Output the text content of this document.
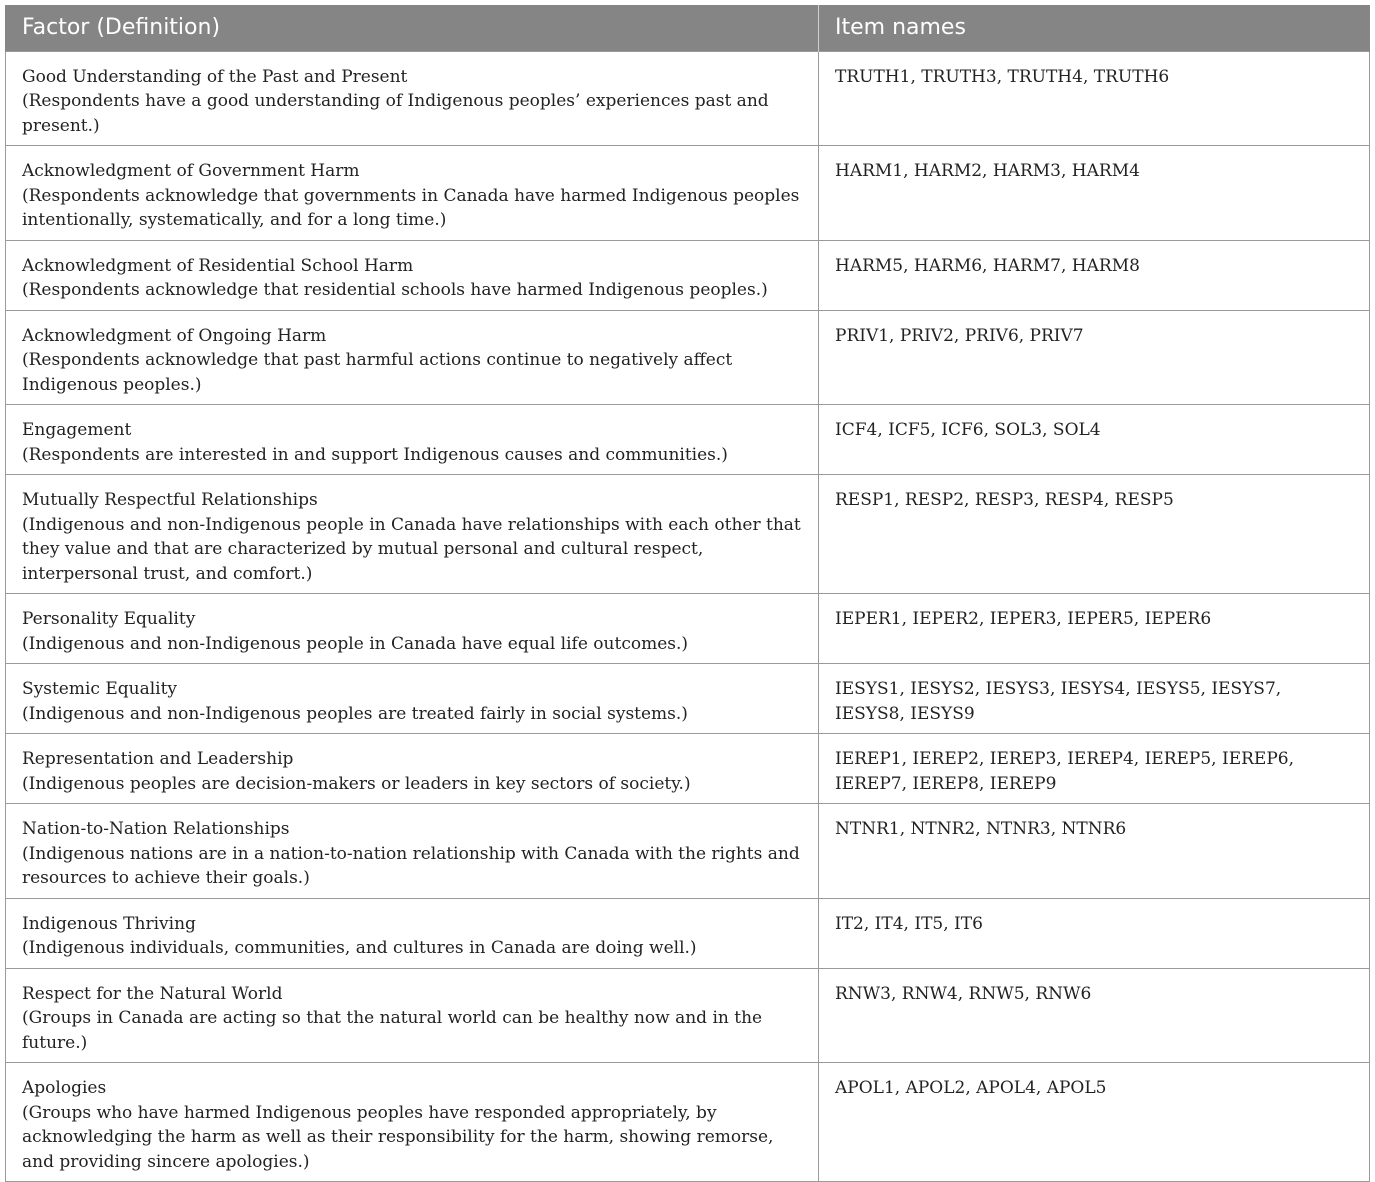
Factor (Definition)	Item names

Good Understanding of the Past and Present
(Respondents have a good understanding of Indigenous peoples’ experiences past and present.)	TRUTH1, TRUTH3, TRUTH4, TRUTH6

Acknowledgment of Government Harm
(Respondents acknowledge that governments in Canada have harmed Indigenous peoples intentionally, systematically, and for a long time.)	HARM1, HARM2, HARM3, HARM4

Acknowledgment of Residential School Harm
(Respondents acknowledge that residential schools have harmed Indigenous peoples.)	HARM5, HARM6, HARM7, HARM8

Acknowledgment of Ongoing Harm
(Respondents acknowledge that past harmful actions continue to negatively affect Indigenous peoples.)	PRIV1, PRIV2, PRIV6, PRIV7

Engagement
(Respondents are interested in and support Indigenous causes and communities.)	ICF4, ICF5, ICF6, SOL3, SOL4

Mutually Respectful Relationships
(Indigenous and non-Indigenous people in Canada have relationships with each other that they value and that are characterized by mutual personal and cultural respect, interpersonal trust, and comfort.)	RESP1, RESP2, RESP3, RESP4, RESP5

Personality Equality
(Indigenous and non-Indigenous people in Canada have equal life outcomes.)	IEPER1, IEPER2, IEPER3, IEPER5, IEPER6

Systemic Equality
(Indigenous and non-Indigenous peoples are treated fairly in social systems.)	IESYS1, IESYS2, IESYS3, IESYS4, IESYS5, IESYS7, IESYS8, IESYS9

Representation and Leadership
(Indigenous peoples are decision-makers or leaders in key sectors of society.)	IEREP1, IEREP2, IEREP3, IEREP4, IEREP5, IEREP6, IEREP7, IEREP8, IEREP9

Nation-to-Nation Relationships
(Indigenous nations are in a nation-to-nation relationship with Canada with the rights and resources to achieve their goals.)	NTNR1, NTNR2, NTNR3, NTNR6

Indigenous Thriving
(Indigenous individuals, communities, and cultures in Canada are doing well.)	IT2, IT4, IT5, IT6

Respect for the Natural World
(Groups in Canada are acting so that the natural world can be healthy now and in the future.)	RNW3, RNW4, RNW5, RNW6

Apologies
(Groups who have harmed Indigenous peoples have responded appropriately, by acknowledging the harm as well as their responsibility for the harm, showing remorse, and providing sincere apologies.)	APOL1, APOL2, APOL4, APOL5
